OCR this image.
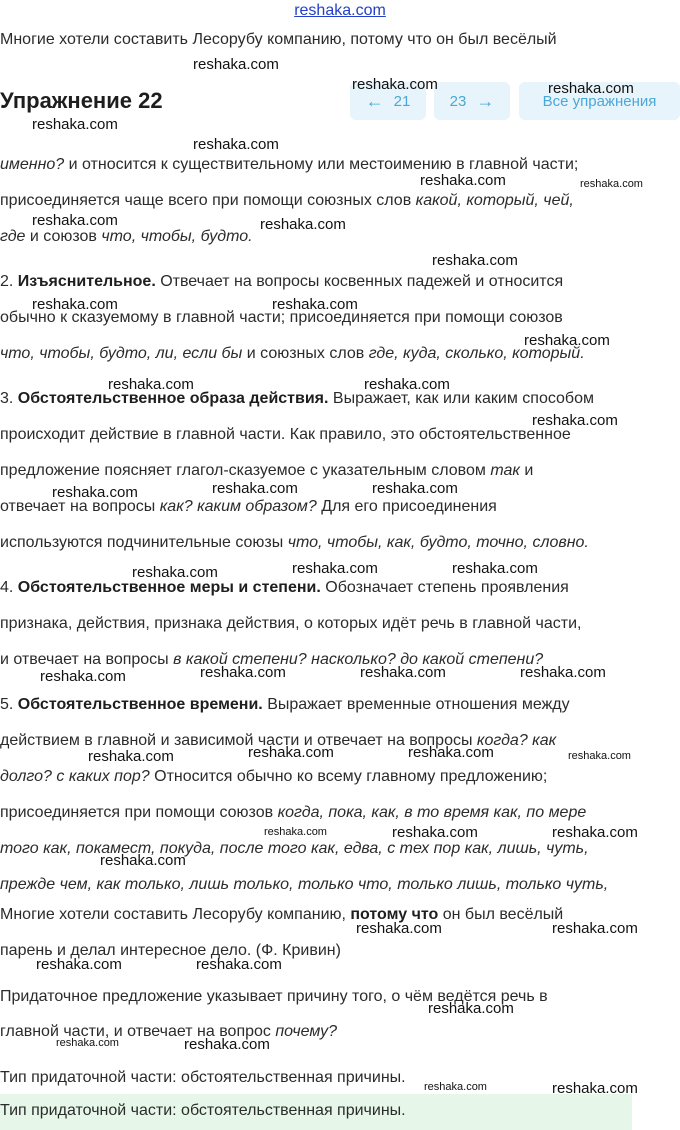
reshaka.com
Многие хотели составить Лесорубу компанию, потому что он был весёлый
Упражнение 22	← 21	23 →	Все упражнения
именно? и относится к существительному или местоимению в главной части;
присоединяется чаще всего при помощи союзных слов какой, который, чей,
где и союзов что, чтобы, будто.
2. Изъяснительное. Отвечает на вопросы косвенных падежей и относится
обычно к сказуемому в главной части; присоединяется при помощи союзов
что, чтобы, будто, ли, если бы и союзных слов где, куда, сколько, который.
3. Обстоятельственное образа действия. Выражает, как или каким способом
происходит действие в главной части. Как правило, это обстоятельственное
предложение поясняет глагол-сказуемое с указательным словом так и
отвечает на вопросы как? каким образом? Для его присоединения
используются подчинительные союзы что, чтобы, как, будто, точно, словно.
4. Обстоятельственное меры и степени. Обозначает степень проявления
признака, действия, признака действия, о которых идёт речь в главной части,
и отвечает на вопросы в какой степени? насколько? до какой степени?
5. Обстоятельственное времени. Выражает временные отношения между
действием в главной и зависимой части и отвечает на вопросы когда? как
долго? с каких пор? Относится обычно ко всему главному предложению;
присоединяется при помощи союзов когда, пока, как, в то время как, по мере
того как, покамест, покуда, после того как, едва, с тех пор как, лишь, чуть,
прежде чем, как только, лишь только, только что, только лишь, только чуть,
Многие хотели составить Лесорубу компанию, потому что он был весёлый
парень и делал интересное дело. (Ф. Кривин)
Придаточное предложение указывает причину того, о чём ведётся речь в
главной части, и отвечает на вопрос почему?
Тип придаточной части: обстоятельственная причины.
Тип придаточной части: обстоятельственная причины.
reshaka.com
reshaka.com	reshaka.com
reshaka.com
reshaka.com
reshaka.com	reshaka.com
reshaka.com	reshaka.com
reshaka.com
reshaka.com	reshaka.com
reshaka.com
reshaka.com	reshaka.com
reshaka.com
reshaka.com	reshaka.com	reshaka.com
reshaka.com	reshaka.com	reshaka.com
reshaka.com	reshaka.com	reshaka.com	reshaka.com
reshaka.com	reshaka.com	reshaka.com	reshaka.com
reshaka.com	reshaka.com	reshaka.com
reshaka.com
reshaka.com	reshaka.com
reshaka.com	reshaka.com
reshaka.com
reshaka.com	reshaka.com
reshaka.com	reshaka.com
